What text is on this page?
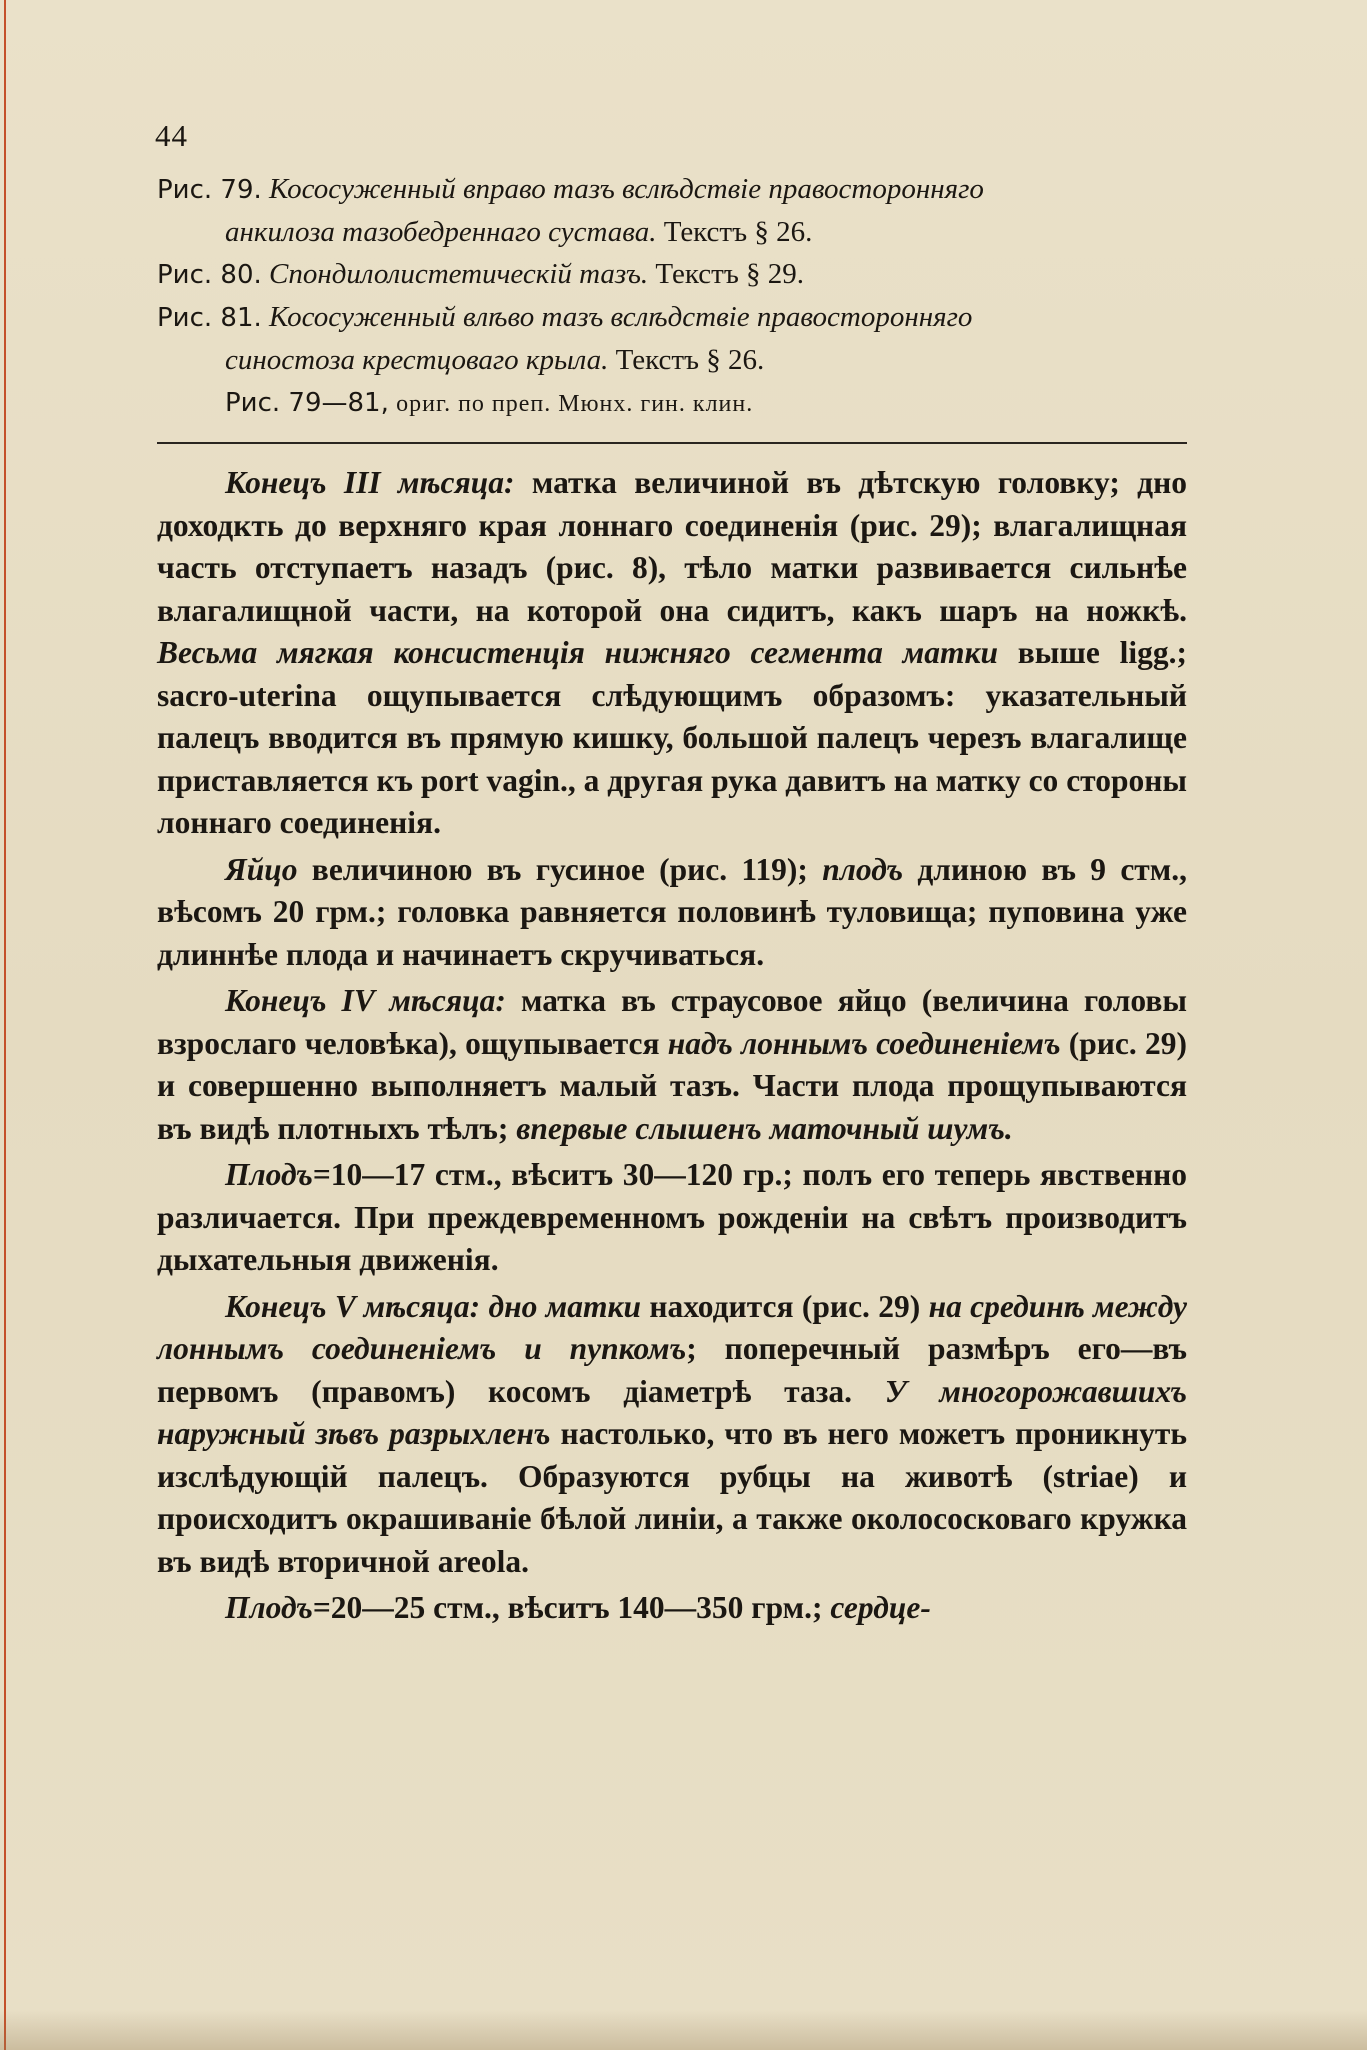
44

Рис. 79. Косоcуженный вправо тазъ вслѣдствіе правосторонняго
анкилоза тазобедреннаго сустава. Текстъ § 26.

Рис. 80. Спондилолистетическій тазъ. Текстъ § 29.

Рис. 81. Косоcуженный влѣво тазъ вслѣдствіе правосторонняго
синостоза крестцоваго крыла. Текстъ § 26.

Рис. 79—81, ориг. по преп. Мюнх. гин. клин.

Конецъ III мѣсяца: матка величиной въ дѣтскую головку; дно доходкть до верхняго края лоннаго соединенія (рис. 29); влагалищная часть отступаетъ назадъ (рис. 8), тѣло матки развивается сильнѣе влагалищной части, на которой она сидитъ, какъ шаръ на ножкѣ. Весьма мягкая консистенція нижняго сегмента матки выше ligg.; sacro-uterina ощупывается слѣдующимъ образомъ: указательный палецъ вводится въ прямую кишку, большой палецъ черезъ влагалище приставляется къ port vagin., а другая рука давитъ на матку со стороны лоннаго соединенія.

Яйцо величиною въ гусиное (рис. 119); плодъ длиною въ 9 стм., вѣсомъ 20 грм.; головка равняется половинѣ туловища; пуповина уже длиннѣе плода и начинаетъ скручиваться.

Конецъ IV мѣсяца: матка въ страусовое яйцо (величина головы взрослаго человѣка), ощупывается надъ лоннымъ соединеніемъ (рис. 29) и совершенно выполняетъ малый тазъ. Части плода прощупываются въ видѣ плотныхъ тѣлъ; впервые слышенъ маточный шумъ.

Плодъ=10—17 стм., вѣситъ 30—120 гр.; полъ его теперь явственно различается. При преждевременномъ рожденіи на свѣтъ производитъ дыхательныя движенія.

Конецъ V мѣсяца: дно матки находится (рис. 29) на срединѣ между лоннымъ соединеніемъ и пупкомъ; поперечный размѣръ его—въ первомъ (правомъ) косомъ діаметрѣ таза. У многорожавшихъ наружный зѣвъ разрыхленъ настолько, что въ него можетъ проникнуть изслѣдующій палецъ. Образуются рубцы на животѣ (striae) и происходитъ окрашиваніе бѣлой линіи, а также околососковаго кружка въ видѣ вторичной areola.

Плодъ=20—25 стм., вѣситъ 140—350 грм.; сердце-
